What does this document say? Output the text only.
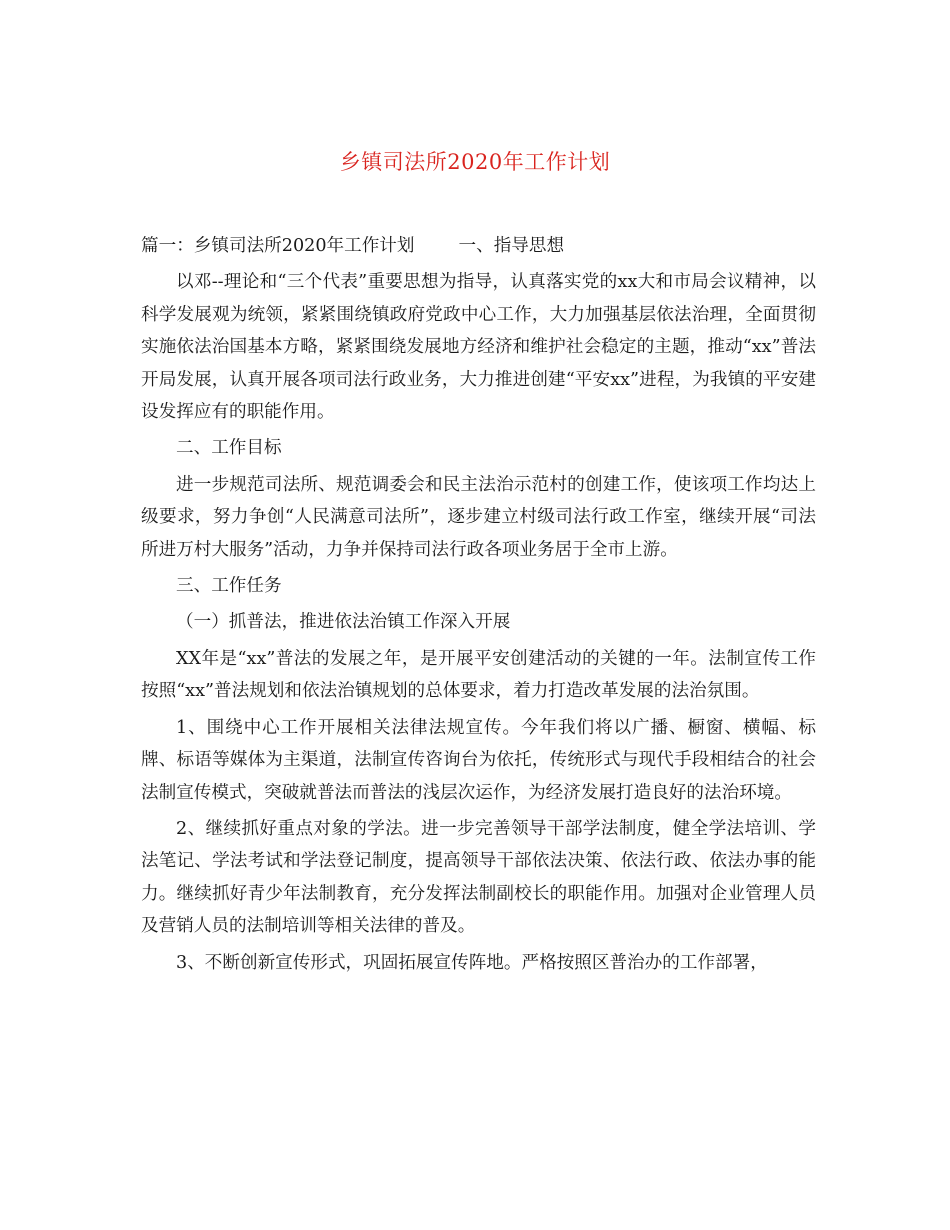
乡镇司法所2020年工作计划

篇一：乡镇司法所2020年工作计划	一、指导思想

以邓--理论和“三个代表”重要思想为指导，认真落实党的xx大和市局会议精神，以科学发展观为统领，紧紧围绕镇政府党政中心工作，大力加强基层依法治理，全面贯彻实施依法治国基本方略，紧紧围绕发展地方经济和维护社会稳定的主题，推动“xx”普法开局发展，认真开展各项司法行政业务，大力推进创建“平安xx”进程，为我镇的平安建设发挥应有的职能作用。

二、工作目标

进一步规范司法所、规范调委会和民主法治示范村的创建工作，使该项工作均达上级要求，努力争创“人民满意司法所”，逐步建立村级司法行政工作室，继续开展“司法所进万村大服务”活动，力争并保持司法行政各项业务居于全市上游。

三、工作任务

（一）抓普法，推进依法治镇工作深入开展

XX年是“xx”普法的发展之年，是开展平安创建活动的关键的一年。法制宣传工作按照“xx”普法规划和依法治镇规划的总体要求，着力打造改革发展的法治氛围。

1、围绕中心工作开展相关法律法规宣传。今年我们将以广播、橱窗、横幅、标牌、标语等媒体为主渠道，法制宣传咨询台为依托，传统形式与现代手段相结合的社会法制宣传模式，突破就普法而普法的浅层次运作，为经济发展打造良好的法治环境。

2、继续抓好重点对象的学法。进一步完善领导干部学法制度，健全学法培训、学法笔记、学法考试和学法登记制度，提高领导干部依法决策、依法行政、依法办事的能力。继续抓好青少年法制教育，充分发挥法制副校长的职能作用。加强对企业管理人员及营销人员的法制培训等相关法律的普及。

3、不断创新宣传形式，巩固拓展宣传阵地。严格按照区普治办的工作部署，
